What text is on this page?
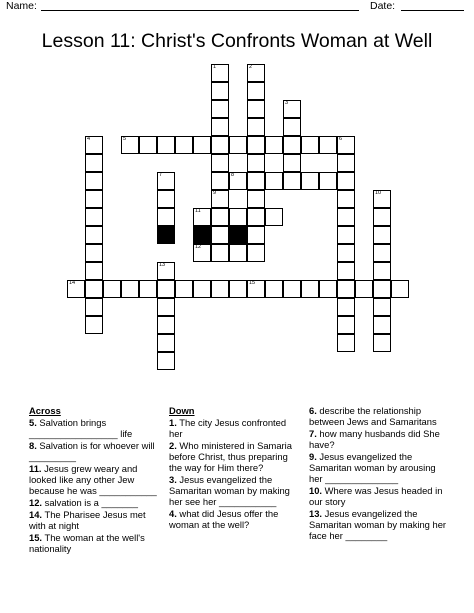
Name:	Date:
Lesson 11: Christ's Confronts Woman at Well
1
9
2
3
4	5	6
7	8
10
11
12
13
14	15
Across
5. Salvation brings _________________ life
8. Salvation is for whoever will _________
11. Jesus grew weary and looked like any other Jew because he was ___________
12. salvation is a _______
14. The Pharisee Jesus met with at night
15. The woman at the well's nationality
Down
1. The city Jesus confronted her
2. Who ministered in Samaria before Christ, thus preparing the way for Him there?
3. Jesus evangelized the Samaritan woman by making her see her ___________
4. what did Jesus offer the woman at the well?
6. describe the relationship between Jews and Samaritans
7. how many husbands did She have?
9. Jesus evangelized the Samaritan woman by arousing her ______________
10. Where was Jesus headed in our story
13. Jesus evangelized the Samaritan woman by making her face her ________
